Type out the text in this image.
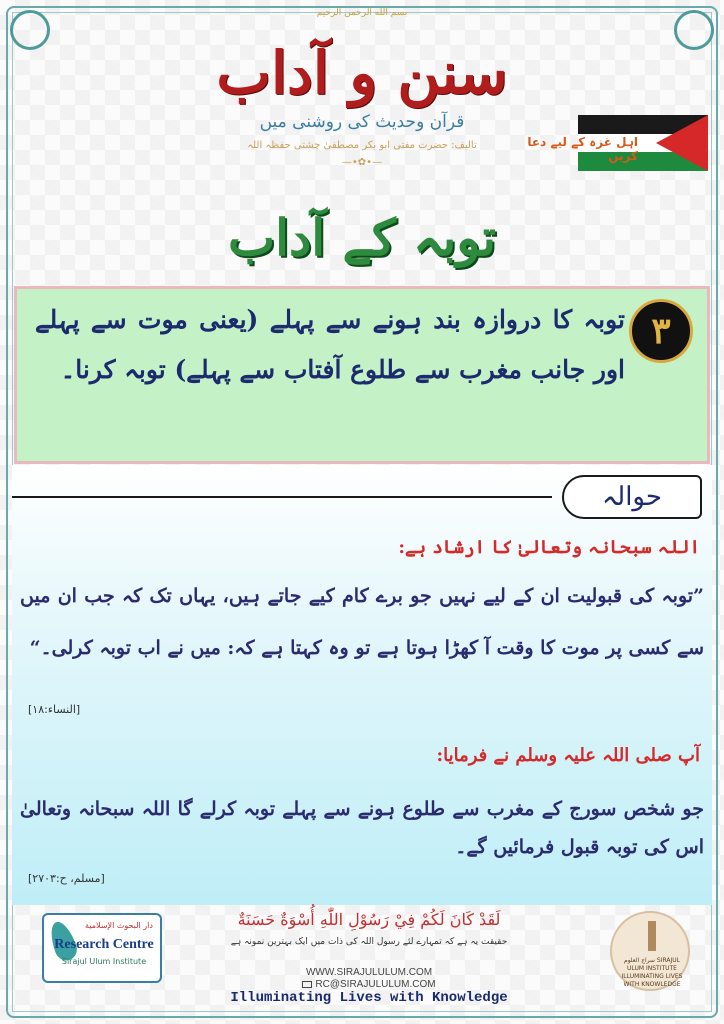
بسم الله الرحمن الرحيم
سنن و آداب
قرآن وحدیث کی روشنی میں
تالیف: حضرت مفتی ابو بکر مصطفیٰ چشتی حفظہ اللہ
—•✿•—
اہل غزہ کے لیے دعا کریں
توبہ کے آداب
٣
توبہ کا دروازہ بند ہونے سے پہلے (یعنی موت سے پہلے اور جانب مغرب سے طلوع آفتاب سے پہلے) توبہ کرنا۔
حوالہ
اللہ سبحانہ وتعالیٰ کا ارشاد ہے:
”توبہ کی قبولیت ان کے لیے نہیں جو برے کام کیے جاتے ہیں، یہاں تک کہ جب ان میں سے کسی پر موت کا وقت آ کھڑا ہوتا ہے تو وہ کہتا ہے کہ: میں نے اب توبہ کرلی۔“
[النساء:١٨]
آپ صلی اللہ علیہ وسلم نے فرمایا:
جو شخص سورج کے مغرب سے طلوع ہونے سے پہلے توبہ کرلے گا اللہ سبحانہ وتعالیٰ اس کی توبہ قبول فرمائیں گے۔
[مسلم، ح:٢٧٠٣]
دار البحوث الإسلامية
Research Centre
Sirajul Ulum Institute
لَقَدْ كَانَ لَكُمْ فِيْ رَسُوْلِ اللّٰهِ أُسْوَةٌ حَسَنَةٌ
حقیقت یہ ہے کہ تمہارے لئے رسول اللہ کی ذات میں ایک بہترین نمونہ ہے
WWW.SIRAJULULUM.COM
RC@SIRAJULULUM.COM
Illuminating Lives with Knowledge
سراج العلوم SIRAJUL ULUM INSTITUTE ILLUMINATING LIVES WITH KNOWLEDGE
